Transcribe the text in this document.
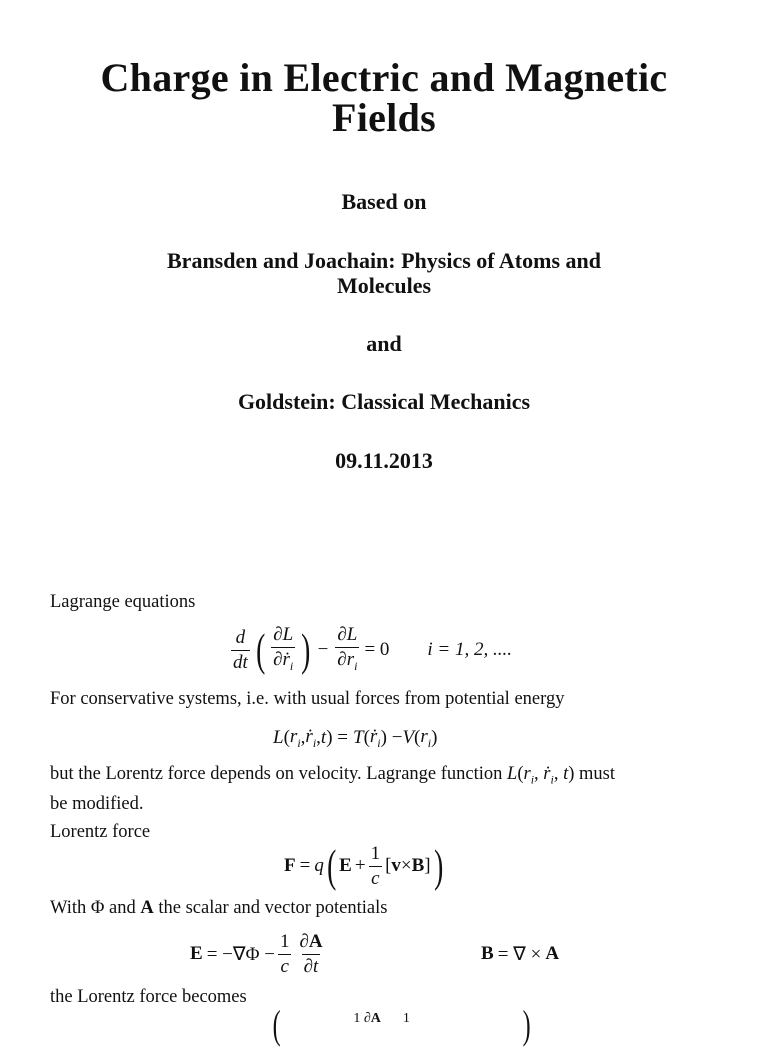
Charge in Electric and Magnetic
Fields
Based on
Bransden and Joachain: Physics of Atoms and
Molecules
and
Goldstein: Classical Mechanics
09.11.2013
Lagrange equations
$\frac{d}{dt}$ ( $\frac{\partial L}{\partial ṙ_i}$ ) − $\frac{\partial L}{\partial r_i} = 0$ i = 1, 2, ....
For conservative systems, i.e. with usual forces from potential energy
L ( $r_i$ , ṙ$_i$ , t ) = T ( ṙ$_i$ ) − V ( $r_i$ )
but the Lorentz force depends on velocity. Lagrange function $L(r_i$, ṙ$_i$, t) must
be modified.
Lorentz force
F = q ( $E + \frac{1}{c}$ [ v × B ] )
With Φ and A the scalar and vector potentials
$E = -\nabla\Phi - \frac{1}{c} \frac{\partial A}{\partial t}$	B = ∇ × A
the Lorentz force becomes
(	1 ∂A 1	)
